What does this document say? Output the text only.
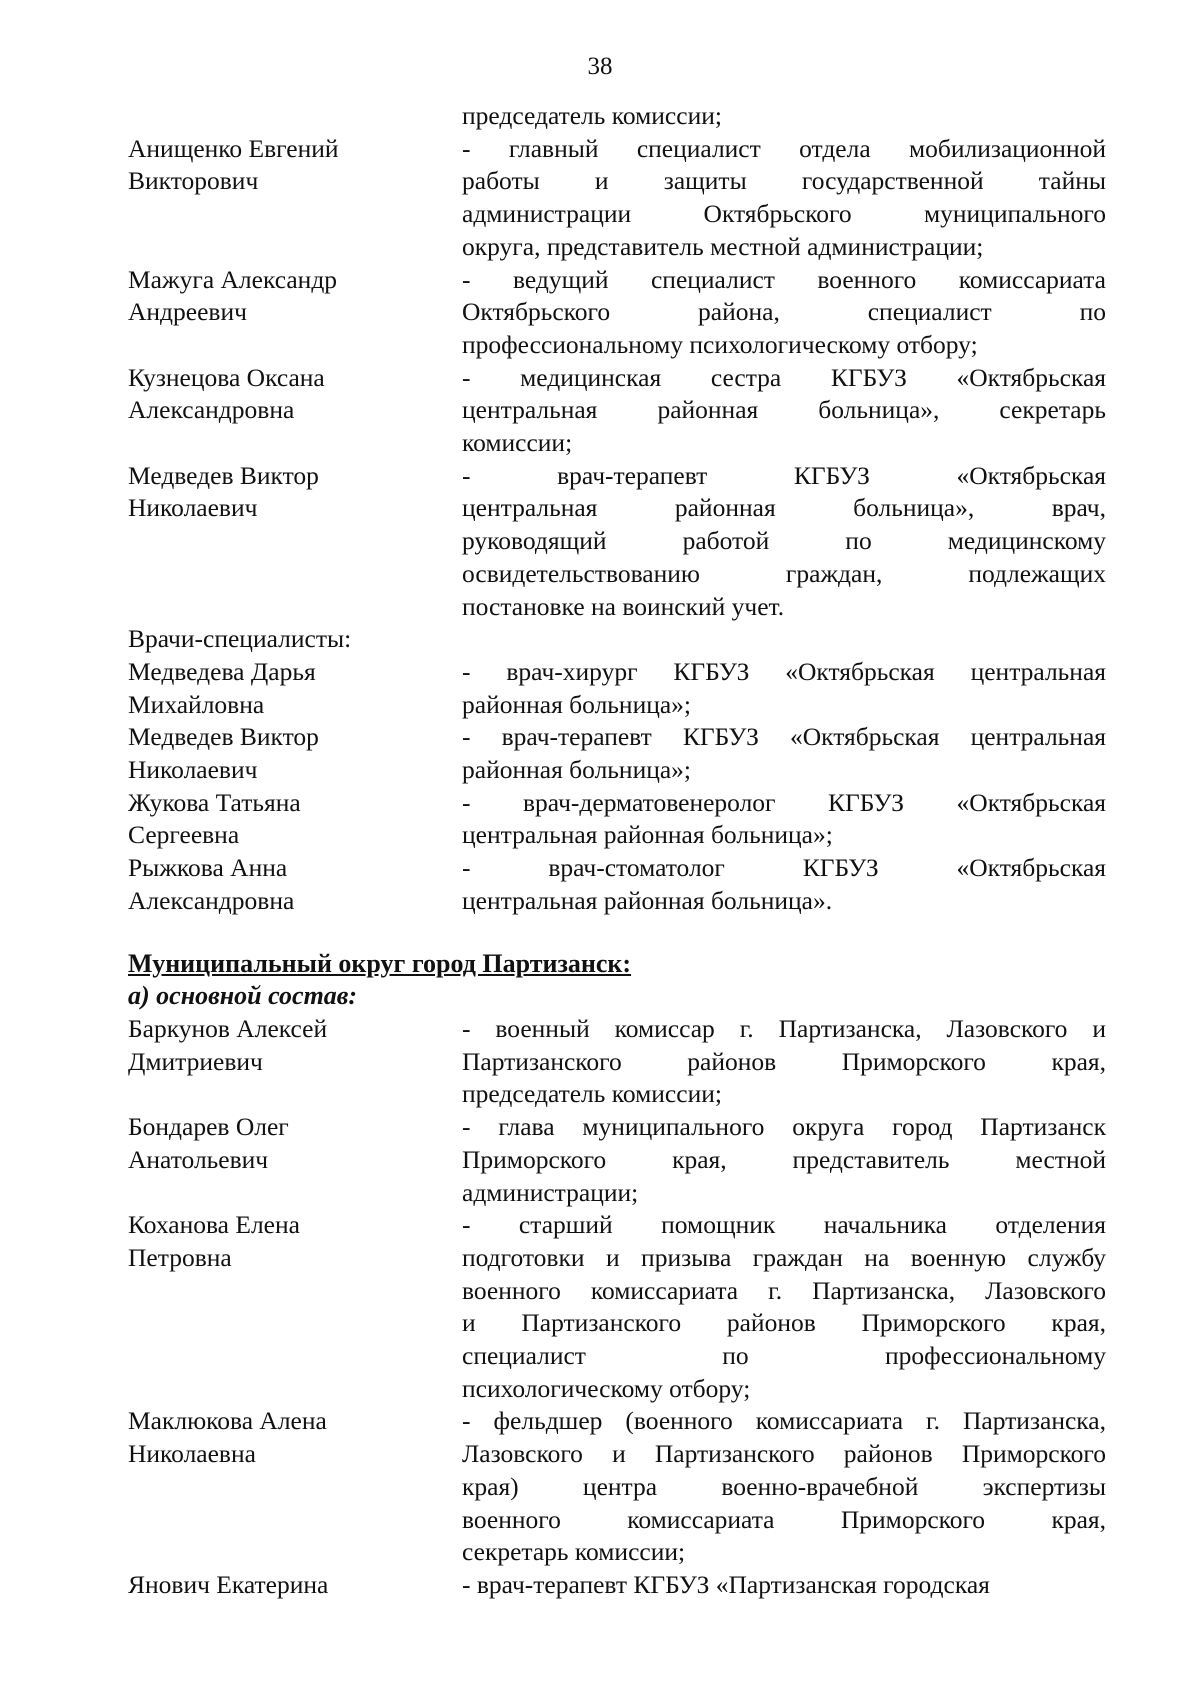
38
председатель комиссии;
Анищенко Евгений
Викторович
- главный специалист отдела мобилизационной
работы и защиты государственной тайны
администрации Октябрьского муниципального
округа, представитель местной администрации;
Мажуга Александр
Андреевич
- ведущий специалист военного комиссариата
Октябрьского района, специалист по
профессиональному психологическому отбору;
Кузнецова Оксана
Александровна
- медицинская сестра КГБУЗ «Октябрьская
центральная районная больница», секретарь
комиссии;
Медведев Виктор
Николаевич
- врач-терапевт КГБУЗ «Октябрьская
центральная районная больница», врач,
руководящий работой по медицинскому
освидетельствованию граждан, подлежащих
постановке на воинский учет.
Врачи-специалисты:
Медведева Дарья
Михайловна
- врач-хирург КГБУЗ «Октябрьская центральная
районная больница»;
Медведев Виктор
Николаевич
- врач-терапевт КГБУЗ «Октябрьская центральная
районная больница»;
Жукова Татьяна
Сергеевна
- врач-дерматовенеролог КГБУЗ «Октябрьская
центральная районная больница»;
Рыжкова Анна
Александровна
- врач-стоматолог КГБУЗ «Октябрьская
центральная районная больница».
Муниципальный округ город Партизанск:
а) основной состав:
Баркунов Алексей
Дмитриевич
- военный комиссар г. Партизанска, Лазовского и
Партизанского районов Приморского края,
председатель комиссии;
Бондарев Олег
Анатольевич
- глава муниципального округа город Партизанск
Приморского края, представитель местной
администрации;
Коханова Елена
Петровна
- старший помощник начальника отделения
подготовки и призыва граждан на военную службу
военного комиссариата г. Партизанска, Лазовского
и Партизанского районов Приморского края,
специалист по профессиональному
психологическому отбору;
Маклюкова Алена
Николаевна
- фельдшер (военного комиссариата г. Партизанска,
Лазовского и Партизанского районов Приморского
края) центра военно-врачебной экспертизы
военного комиссариата Приморского края,
секретарь комиссии;
Янович Екатерина	- врач-терапевт КГБУЗ «Партизанская городская
